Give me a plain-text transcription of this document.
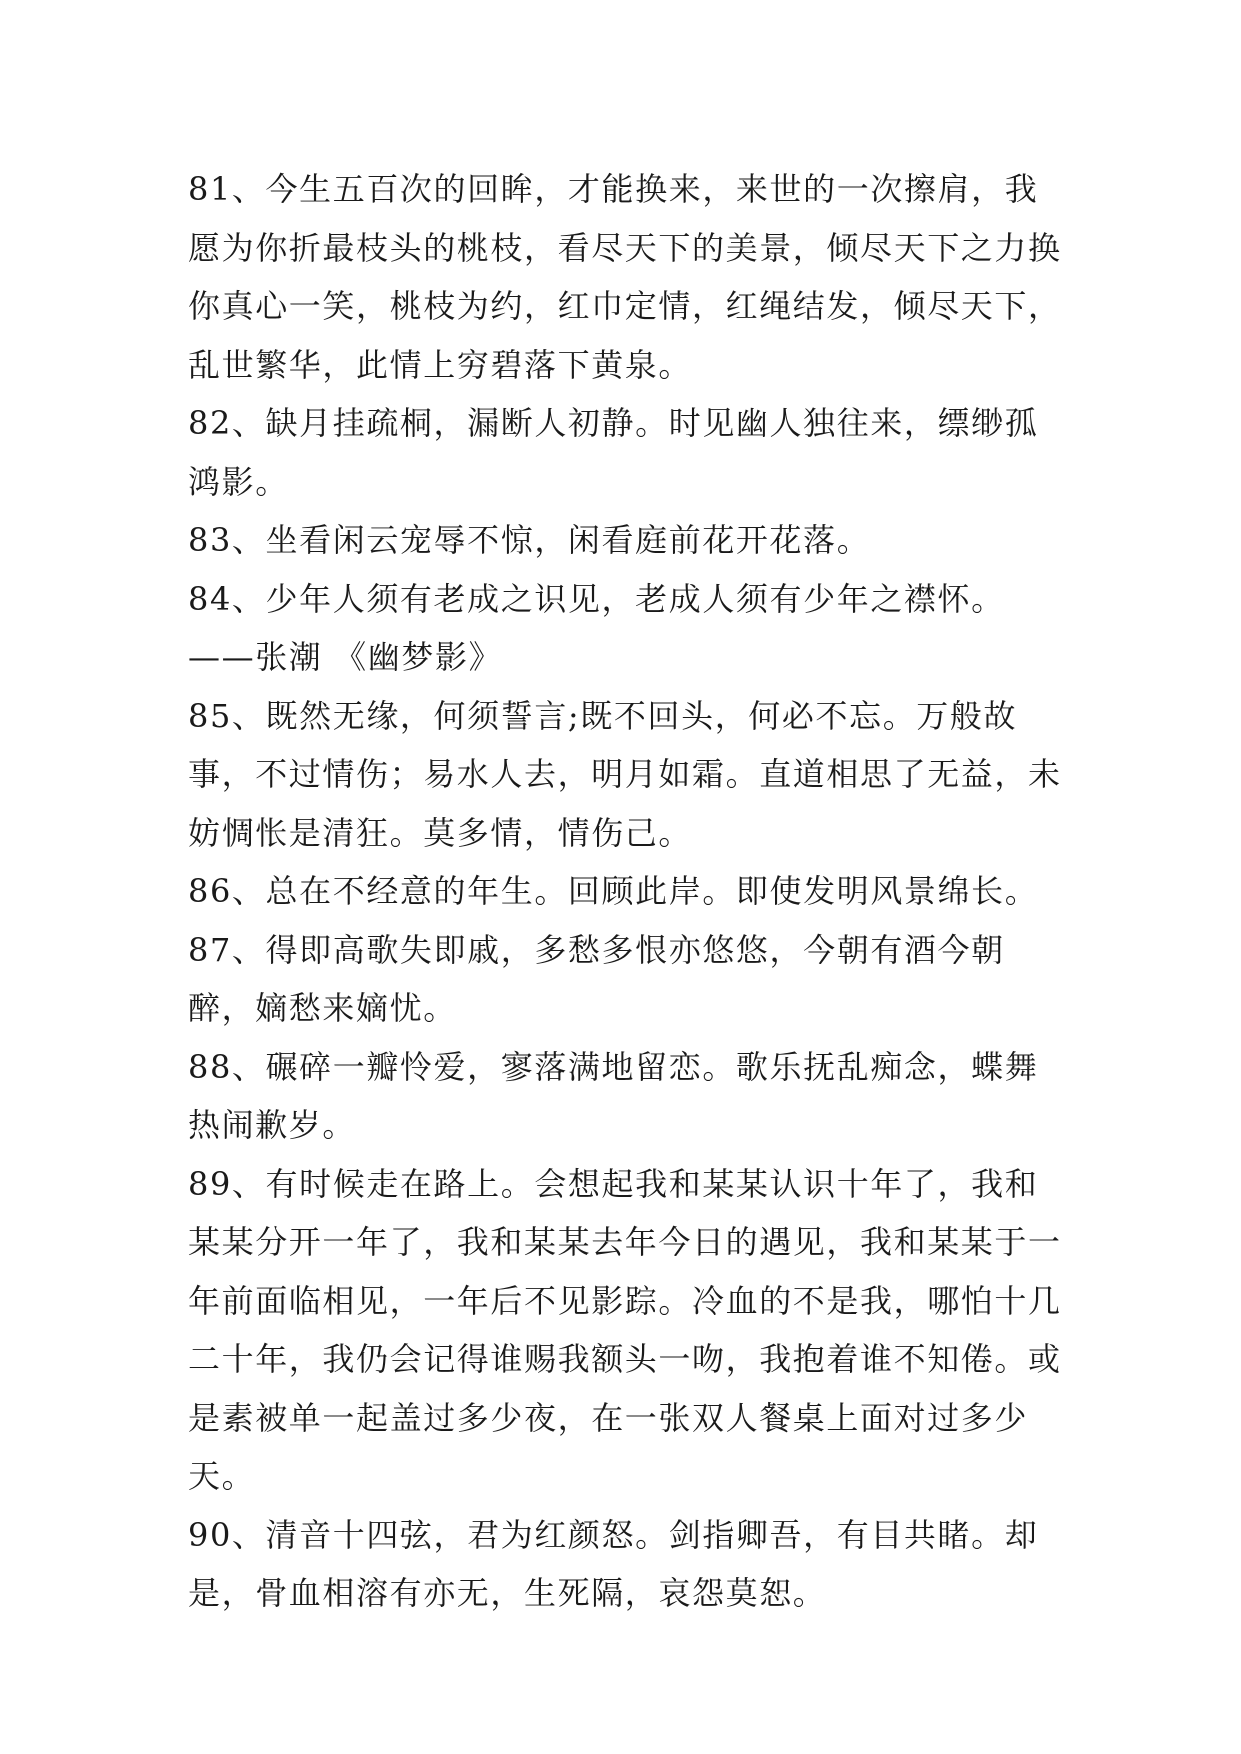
81、今生五百次的回眸，才能换来，来世的一次擦肩，我愿为你折最枝头的桃枝，看尽天下的美景，倾尽天下之力换你真心一笑，桃枝为约，红巾定情，红绳结发，倾尽天下，乱世繁华，此情上穷碧落下黄泉。

82、缺月挂疏桐，漏断人初静。时见幽人独往来，缥缈孤鸿影。

83、坐看闲云宠辱不惊，闲看庭前花开花落。

84、少年人须有老成之识见，老成人须有少年之襟怀。——张潮 《幽梦影》

85、既然无缘，何须誓言;既不回头，何必不忘。万般故事，不过情伤；易水人去，明月如霜。直道相思了无益，未妨惆怅是清狂。莫多情，情伤己。

86、总在不经意的年生。回顾此岸。即使发明风景绵长。

87、得即高歌失即戚，多愁多恨亦悠悠，今朝有酒今朝醉，嫡愁来嫡忧。

88、碾碎一瓣怜爱，寥落满地留恋。歌乐抚乱痴念，蝶舞热闹歉岁。

89、有时候走在路上。会想起我和某某认识十年了，我和某某分开一年了，我和某某去年今日的遇见，我和某某于一年前面临相见，一年后不见影踪。冷血的不是我，哪怕十几二十年，我仍会记得谁赐我额头一吻，我抱着谁不知倦。或是素被单一起盖过多少夜，在一张双人餐桌上面对过多少天。

90、清音十四弦，君为红颜怒。剑指卿吾，有目共睹。却是，骨血相溶有亦无，生死隔，哀怨莫恕。
